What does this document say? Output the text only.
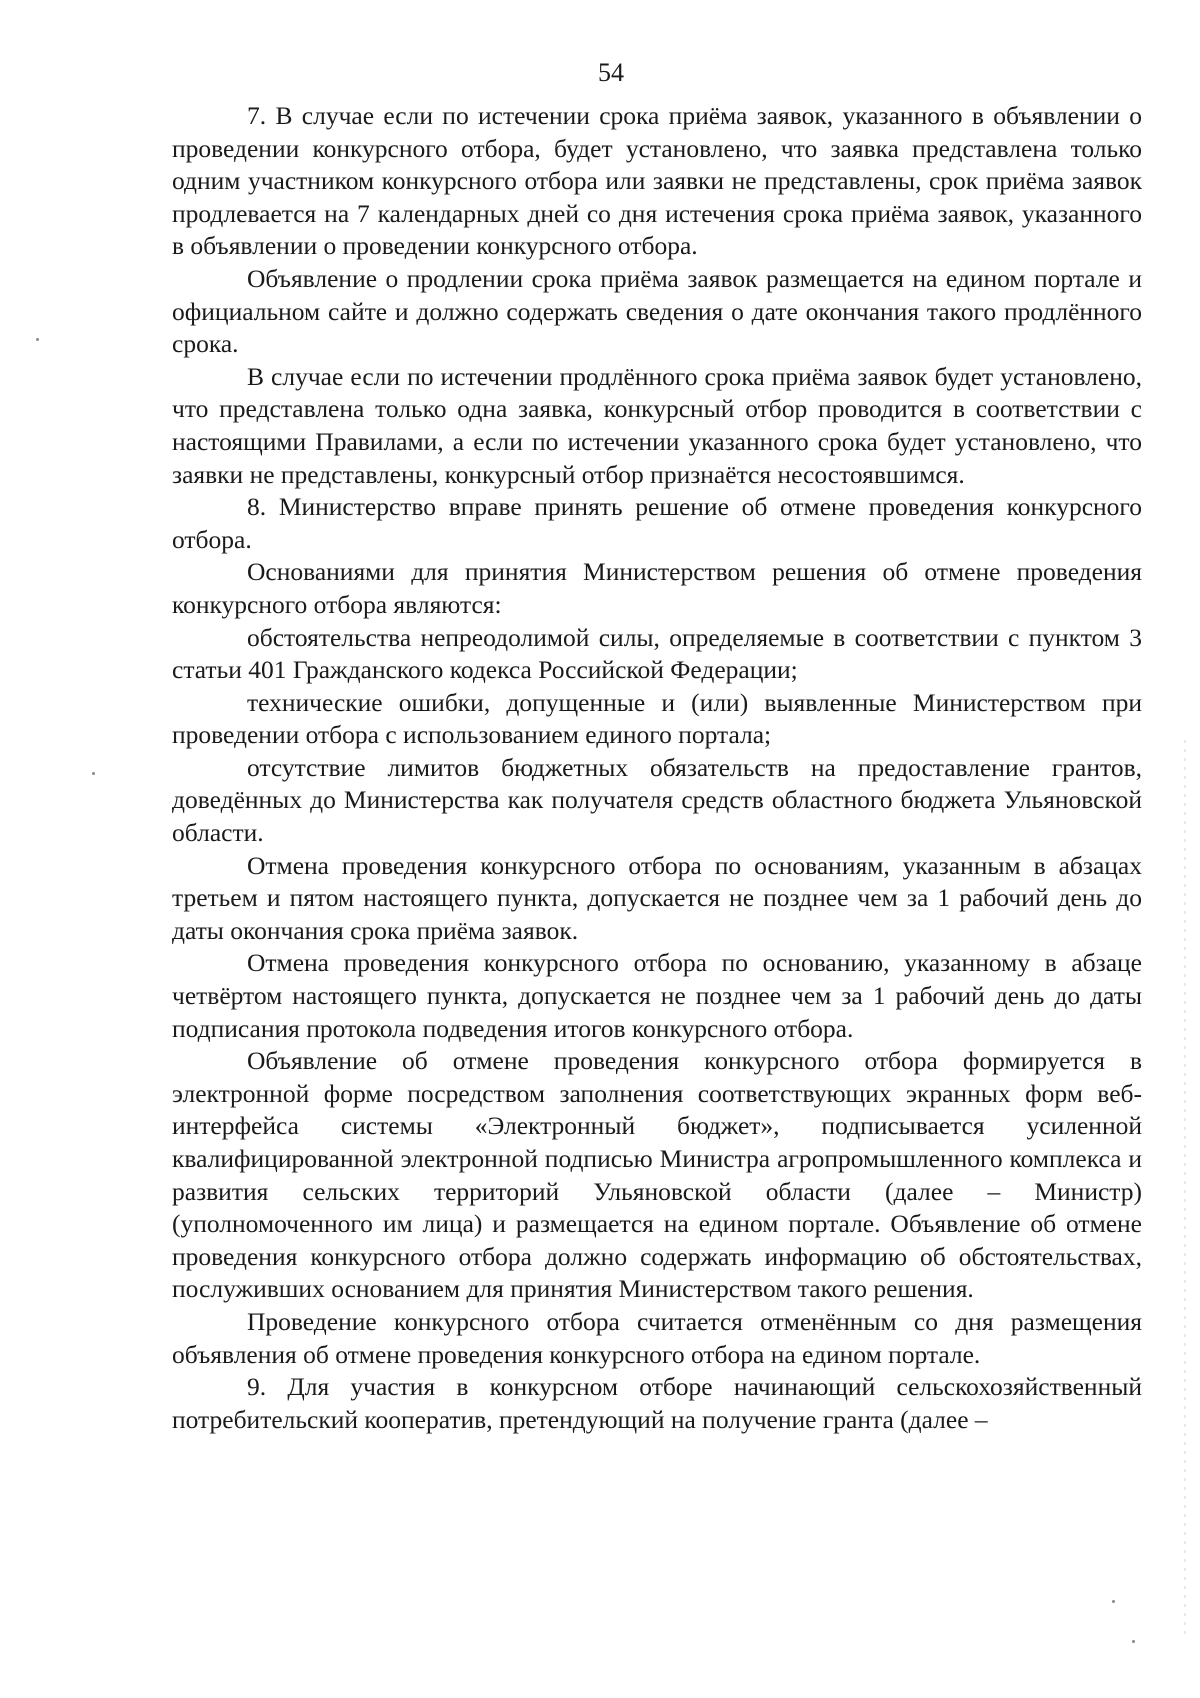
54

7. В случае если по истечении срока приёма заявок, указанного в объявлении о проведении конкурсного отбора, будет установлено, что заявка представлена только одним участником конкурсного отбора или заявки не представлены, срок приёма заявок продлевается на 7 календарных дней со дня истечения срока приёма заявок, указанного в объявлении о проведении конкурсного отбора.

Объявление о продлении срока приёма заявок размещается на едином портале и официальном сайте и должно содержать сведения о дате окончания такого продлённого срока.

В случае если по истечении продлённого срока приёма заявок будет установлено, что представлена только одна заявка, конкурсный отбор проводится в соответствии с настоящими Правилами, а если по истечении указанного срока будет установлено, что заявки не представлены, конкурсный отбор признаётся несостоявшимся.

8. Министерство вправе принять решение об отмене проведения конкурсного отбора.

Основаниями для принятия Министерством решения об отмене проведения конкурсного отбора являются:

обстоятельства непреодолимой силы, определяемые в соответствии с пунктом 3 статьи 401 Гражданского кодекса Российской Федерации;

технические ошибки, допущенные и (или) выявленные Министерством при проведении отбора с использованием единого портала;

отсутствие лимитов бюджетных обязательств на предоставление грантов, доведённых до Министерства как получателя средств областного бюджета Ульяновской области.

Отмена проведения конкурсного отбора по основаниям, указанным в абзацах третьем и пятом настоящего пункта, допускается не позднее чем за 1 рабочий день до даты окончания срока приёма заявок.

Отмена проведения конкурсного отбора по основанию, указанному в абзаце четвёртом настоящего пункта, допускается не позднее чем за 1 рабочий день до даты подписания протокола подведения итогов конкурсного отбора.

Объявление об отмене проведения конкурсного отбора формируется в электронной форме посредством заполнения соответствующих экранных форм веб-интерфейса системы «Электронный бюджет», подписывается усиленной квалифицированной электронной подписью Министра агропромышленного комплекса и развития сельских территорий Ульяновской области (далее – Министр) (уполномоченного им лица) и размещается на едином портале. Объявление об отмене проведения конкурсного отбора должно содержать информацию об обстоятельствах, послуживших основанием для принятия Министерством такого решения.

Проведение конкурсного отбора считается отменённым со дня размещения объявления об отмене проведения конкурсного отбора на едином портале.

9. Для участия в конкурсном отборе начинающий сельскохозяйственный потребительский кооператив, претендующий на получение гранта (далее –
